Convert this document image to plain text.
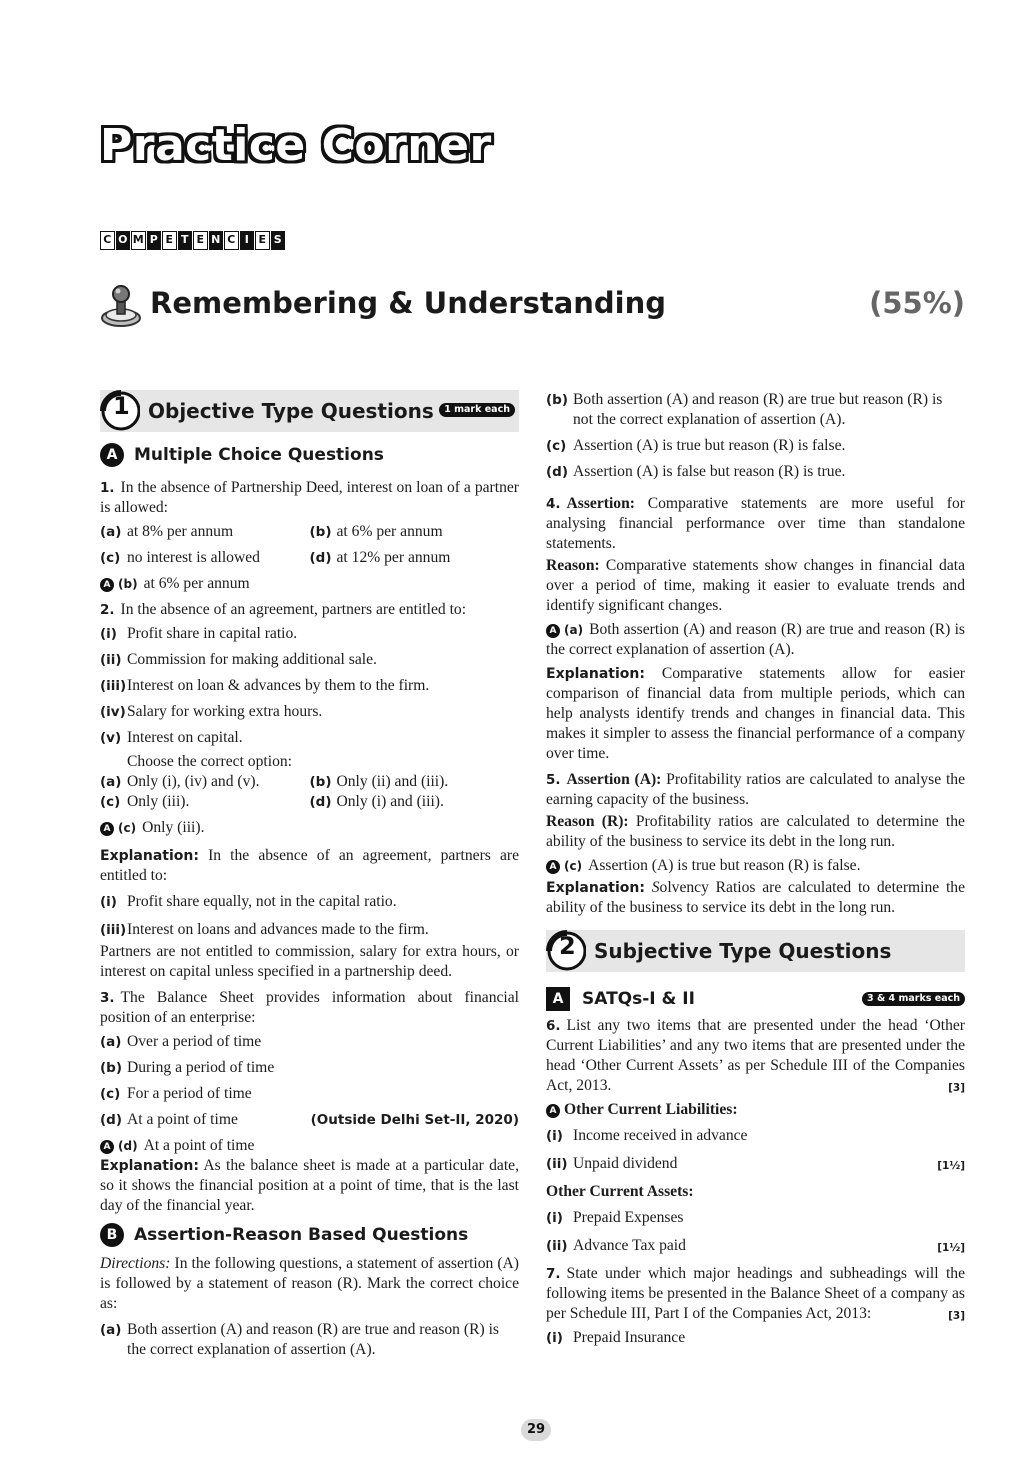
Practice Corner
C O M P E T E N C I E S
Remembering & Understanding	(55%)
1 Objective Type Questions	1 mark each
A Multiple Choice Questions

1. In the absence of Partnership Deed, interest on loan of a partner is allowed:

(a) at 8% per annum	(b) at 6% per annum
(c) no interest is allowed	(d) at 12% per annum

A (b) at 6% per annum

2. In the absence of an agreement, partners are entitled to:

(i) Profit share in capital ratio.
(ii) Commission for making additional sale.
(iii) Interest on loan & advances by them to the firm.
(iv) Salary for working extra hours.
(v) Interest on capital.

Choose the correct option:

(a) Only (i), (iv) and (v).	(b) Only (ii) and (iii).
(c) Only (iii).	(d) Only (i) and (iii).

A (c) Only (iii).

Explanation: In the absence of an agreement, partners are entitled to:

(i) Profit share equally, not in the capital ratio.
(iii) Interest on loans and advances made to the firm.

Partners are not entitled to commission, salary for extra hours, or interest on capital unless specified in a partnership deed.

3. The Balance Sheet provides information about financial position of an enterprise:

(a) Over a period of time
(b) During a period of time
(c) For a period of time
(d) At a point of time	(Outside Delhi Set-II, 2020)

A (d) At a point of time

Explanation: As the balance sheet is made at a particular date, so it shows the financial position at a point of time, that is the last day of the financial year.

B Assertion-Reason Based Questions

Directions: In the following questions, a statement of assertion (A) is followed by a statement of reason (R). Mark the correct choice as:

(a) Both assertion (A) and reason (R) are true and reason (R) is the correct explanation of assertion (A).
(b) Both assertion (A) and reason (R) are true but reason (R) is not the correct explanation of assertion (A).
(c) Assertion (A) is true but reason (R) is false.
(d) Assertion (A) is false but reason (R) is true.

4. Assertion: Comparative statements are more useful for analysing financial performance over time than standalone statements.

Reason: Comparative statements show changes in financial data over a period of time, making it easier to evaluate trends and identify significant changes.

A (a) Both assertion (A) and reason (R) are true and reason (R) is the correct explanation of assertion (A).

Explanation: Comparative statements allow for easier comparison of financial data from multiple periods, which can help analysts identify trends and changes in financial data. This makes it simpler to assess the financial performance of a company over time.

5. Assertion (A): Profitability ratios are calculated to analyse the earning capacity of the business.

Reason (R): Profitability ratios are calculated to determine the ability of the business to service its debt in the long run.

A (c) Assertion (A) is true but reason (R) is false.

Explanation: Solvency Ratios are calculated to determine the ability of the business to service its debt in the long run.

2 Subjective Type Questions
A	SATQs-I & II	3 & 4 marks each

6. List any two items that are presented under the head ‘Other Current Liabilities’ and any two items that are presented under the head ‘Other Current Assets’ as per Schedule III of the Companies Act, 2013.	[3]

A Other Current Liabilities:

(i) Income received in advance
(ii) Unpaid dividend	[1½]

Other Current Assets:

(i) Prepaid Expenses
(ii) Advance Tax paid	[1½]

7. State under which major headings and subheadings will the following items be presented in the Balance Sheet of a company as per Schedule III, Part I of the Companies Act, 2013:	[3]

(i) Prepaid Insurance
29
